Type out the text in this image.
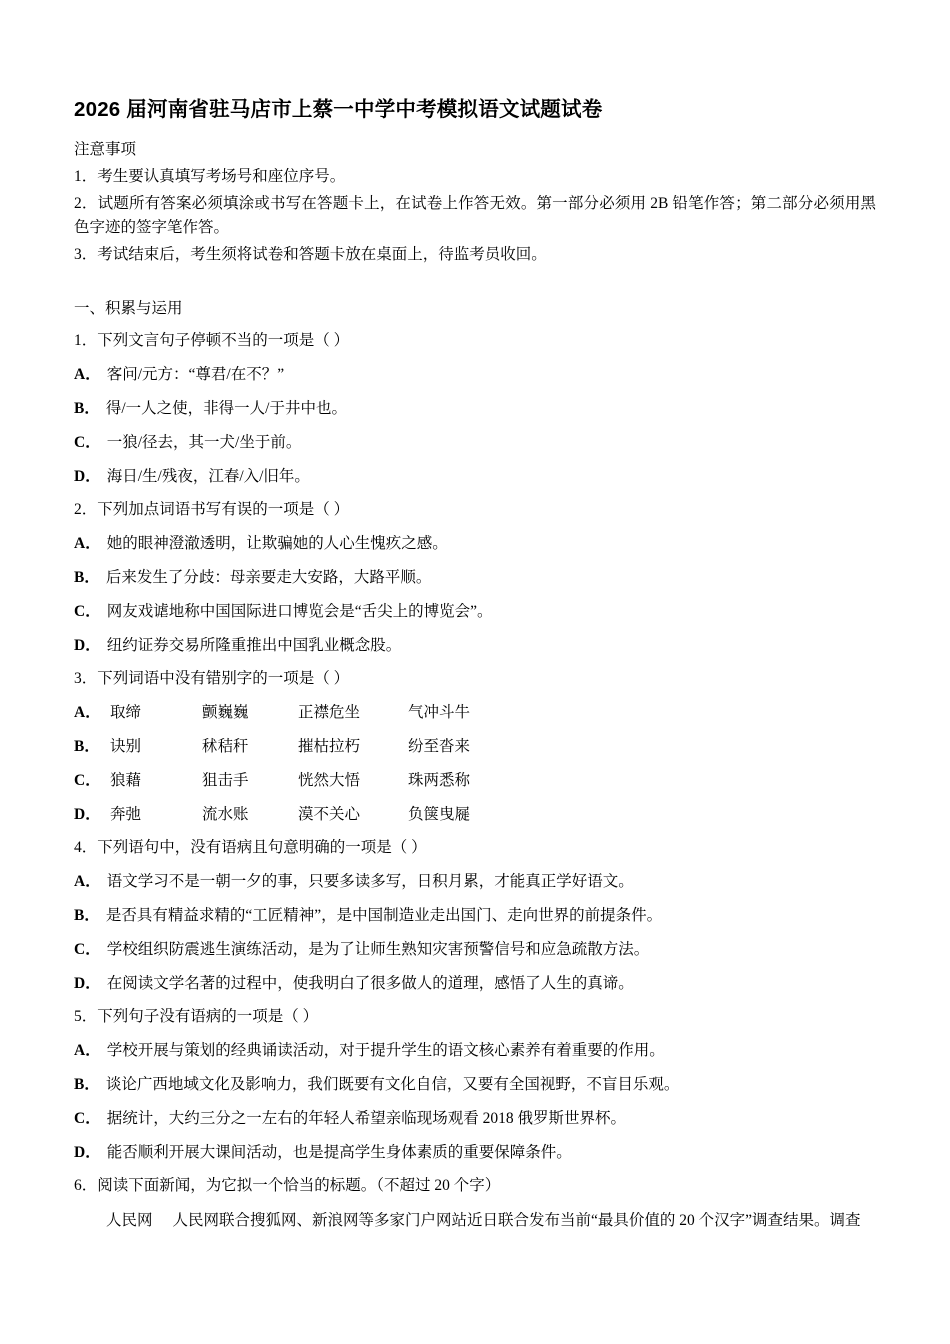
2026 届河南省驻马店市上蔡一中学中考模拟语文试题试卷
注意事项

1．考生要认真填写考场号和座位序号。

2．试题所有答案必须填涂或书写在答题卡上，在试卷上作答无效。第一部分必须用 2B 铅笔作答；第二部分必须用黑色字迹的签字笔作答。

3．考试结束后，考生须将试卷和答题卡放在桌面上，待监考员收回。

一、积累与运用

1．下列文言句子停顿不当的一项是（ ）

A． 客问/元方：“尊君/在不？”

B． 得/一人之使，非得一人/于井中也。

C． 一狼/径去，其一犬/坐于前。

D． 海日/生/残夜，江春/入/旧年。

2．下列加点词语书写有误的一项是（ ）

A． 她的眼神澄澈透明，让欺骗她的人心生愧疚之感。

B． 后来发生了分歧：母亲要走大安路，大路平顺。

C． 网友戏谑地称中国国际进口博览会是“舌尖上的博览会”。

D． 纽约证券交易所隆重推出中国乳业概念股。

3．下列词语中没有错别字的一项是（ ）

A． 取缔	颤巍巍	正襟危坐	气冲斗牛
B． 诀别	秫秸秆	摧枯拉朽	纷至沓来
C． 狼藉	狙击手	恍然大悟	珠两悉称
D． 奔弛	流水账	漠不关心	负箧曳屣

4．下列语句中，没有语病且句意明确的一项是（ ）

A． 语文学习不是一朝一夕的事，只要多读多写，日积月累，才能真正学好语文。

B． 是否具有精益求精的“工匠精神”，是中国制造业走出国门、走向世界的前提条件。

C． 学校组织防震逃生演练活动，是为了让师生熟知灾害预警信号和应急疏散方法。

D． 在阅读文学名著的过程中，使我明白了很多做人的道理，感悟了人生的真谛。

5．下列句子没有语病的一项是（ ）

A． 学校开展与策划的经典诵读活动，对于提升学生的语文核心素养有着重要的作用。

B． 谈论广西地域文化及影响力，我们既要有文化自信，又要有全国视野，不盲目乐观。

C． 据统计，大约三分之一左右的年轻人希望亲临现场观看 2018 俄罗斯世界杯。

D． 能否顺利开展大课间活动，也是提高学生身体素质的重要保障条件。

6．阅读下面新闻，为它拟一个恰当的标题。（不超过 20 个字）

人民网 人民网联合搜狐网、新浪网等多家门户网站近日联合发布当前“最具价值的 20 个汉字”调查结果。调查
